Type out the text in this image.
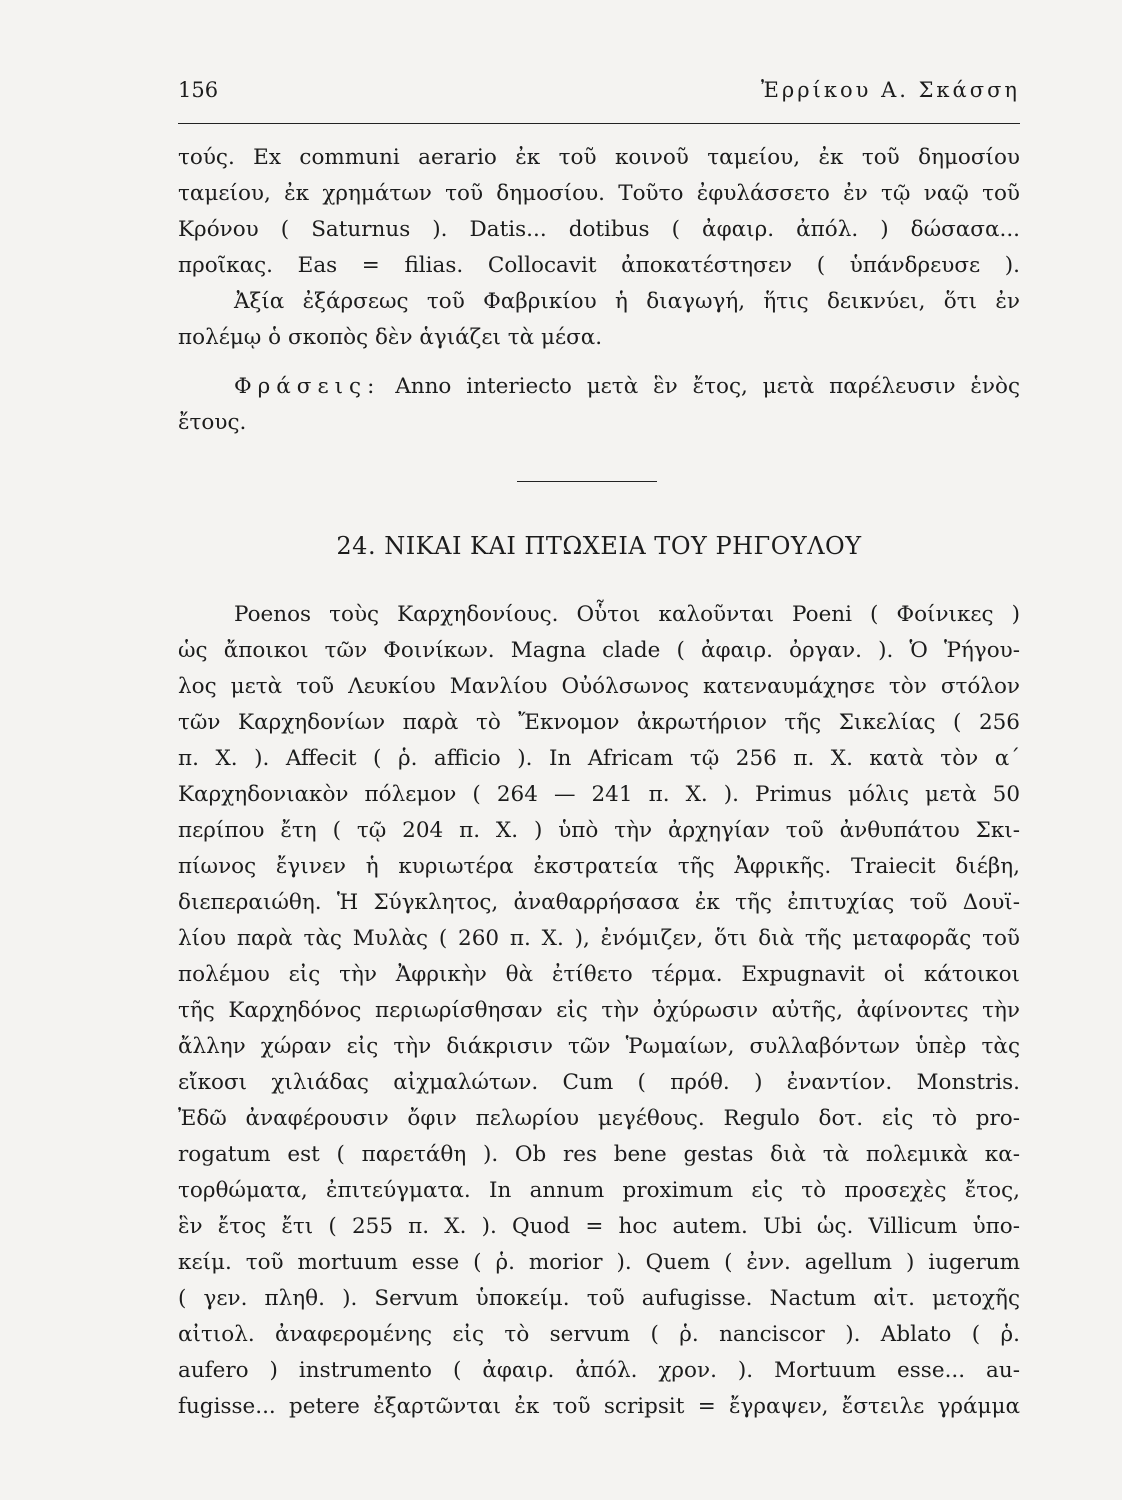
156	Ἐρρίκου Α. Σκάσση
τούς. Ex communi aerario ἐκ τοῦ κοινοῦ ταμείου, ἐκ τοῦ δημοσίου
ταμείου, ἐκ χρημάτων τοῦ δημοσίου. Τοῦτο ἐφυλάσσετο ἐν τῷ ναῷ τοῦ
Κρόνου ( Saturnus ). Datis... dotibus ( ἀφαιρ. ἀπόλ. ) δώσασα...
προῖκας. Eas = filias. Collocavit ἀποκατέστησεν ( ὑπάνδρευσε ).
Ἀξία ἐξάρσεως τοῦ Φαβρικίου ἡ διαγωγή, ἥτις δεικνύει, ὅτι ἐν
πολέμῳ ὁ σκοπὸς δὲν ἁγιάζει τὰ μέσα.
Φράσεις: Anno interiecto μετὰ ἓν ἔτος, μετὰ παρέλευσιν ἑνὸς
ἔτους.
24. ΝΙΚΑΙ ΚΑΙ ΠΤΩΧΕΙΑ ΤΟΥ ΡΗΓΟΥΛΟΥ
Poenos τοὺς Καρχηδονίους. Οὗτοι καλοῦνται Poeni ( Φοίνικες )
ὡς ἄποικοι τῶν Φοινίκων. Magna clade ( ἀφαιρ. ὀργαν. ). Ὁ Ῥήγου-
λος μετὰ τοῦ Λευκίου Μανλίου Οὐόλσωνος κατεναυμάχησε τὸν στόλον
τῶν Καρχηδονίων παρὰ τὸ Ἔκνομον ἀκρωτήριον τῆς Σικελίας ( 256
π. Χ. ). Affecit ( ῥ. afficio ). In Africam τῷ 256 π. Χ. κατὰ τὸν α΄
Καρχηδονιακὸν πόλεμον ( 264 — 241 π. Χ. ). Primus μόλις μετὰ 50
περίπου ἔτη ( τῷ 204 π. Χ. ) ὑπὸ τὴν ἀρχηγίαν τοῦ ἀνθυπάτου Σκι-
πίωνος ἔγινεν ἡ κυριωτέρα ἐκστρατεία τῆς Ἀφρικῆς. Traiecit διέβη,
διεπεραιώθη. Ἡ Σύγκλητος, ἀναθαρρήσασα ἐκ τῆς ἐπιτυχίας τοῦ Δουϊ-
λίου παρὰ τὰς Μυλὰς ( 260 π. Χ. ), ἐνόμιζεν, ὅτι διὰ τῆς μεταφορᾶς τοῦ
πολέμου εἰς τὴν Ἀφρικὴν θὰ ἐτίθετο τέρμα. Expugnavit οἱ κάτοικοι
τῆς Καρχηδόνος περιωρίσθησαν εἰς τὴν ὀχύρωσιν αὐτῆς, ἀφίνοντες τὴν
ἄλλην χώραν εἰς τὴν διάκρισιν τῶν Ῥωμαίων, συλλαβόντων ὑπὲρ τὰς
εἴκοσι χιλιάδας αἰχμαλώτων. Cum ( πρόθ. ) ἐναντίον. Monstris.
Ἐδῶ ἀναφέρουσιν ὄφιν πελωρίου μεγέθους. Regulo δοτ. εἰς τὸ pro-
rogatum est ( παρετάθη ). Ob res bene gestas διὰ τὰ πολεμικὰ κα-
τορθώματα, ἐπιτεύγματα. In annum proximum εἰς τὸ προσεχὲς ἔτος,
ἓν ἔτος ἔτι ( 255 π. Χ. ). Quod = hoc autem. Ubi ὡς. Villicum ὑπο-
κείμ. τοῦ mortuum esse ( ῥ. morior ). Quem ( ἐνν. agellum ) iugerum
( γεν. πληθ. ). Servum ὑποκείμ. τοῦ aufugisse. Nactum αἰτ. μετοχῆς
αἰτιολ. ἀναφερομένης εἰς τὸ servum ( ῥ. nanciscor ). Ablato ( ῥ.
aufero ) instrumento ( ἀφαιρ. ἀπόλ. χρον. ). Mortuum esse... au-
fugisse... petere ἐξαρτῶνται ἐκ τοῦ scripsit = ἔγραψεν, ἔστειλε γράμμα
